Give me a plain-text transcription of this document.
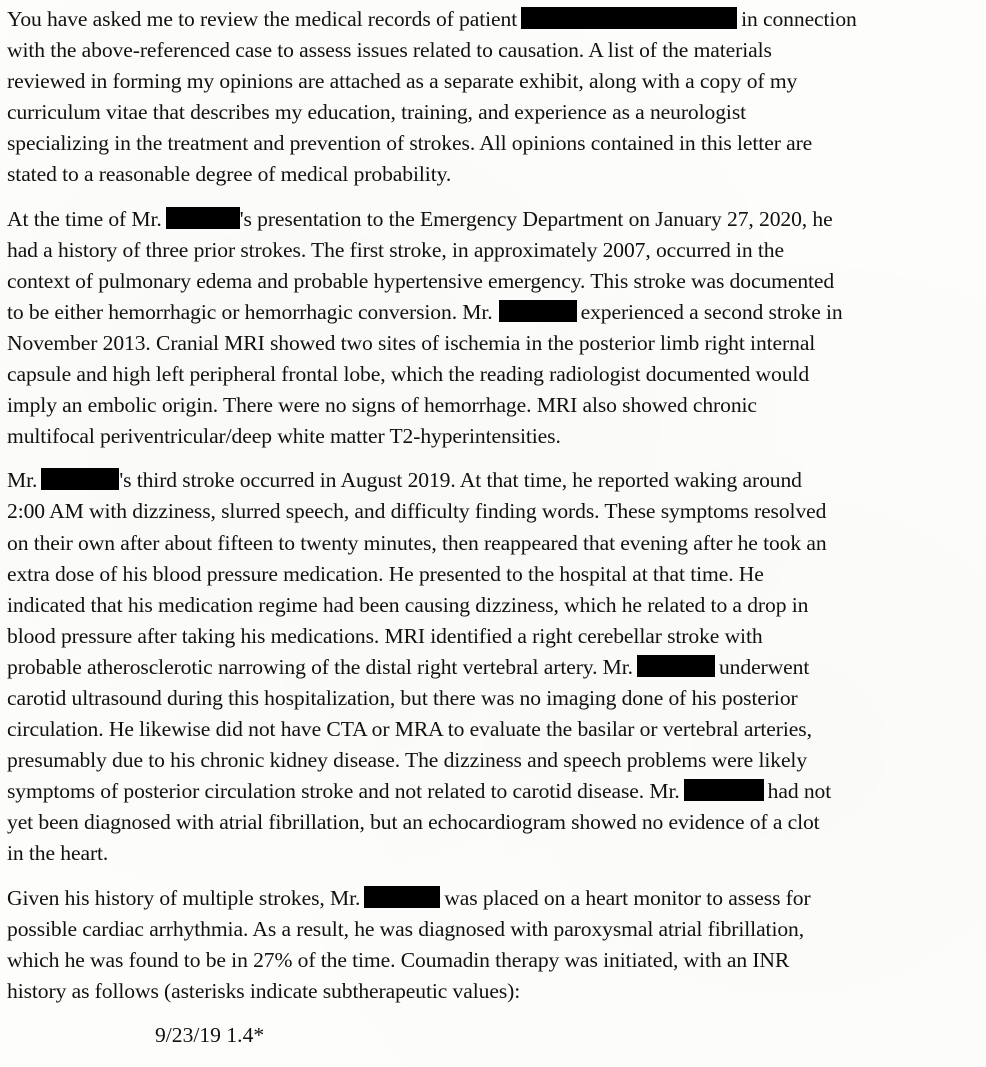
You have asked me to review the medical records of patient	in connection
with the above-referenced case to assess issues related to causation. A list of the materials
reviewed in forming my opinions are attached as a separate exhibit, along with a copy of my
curriculum vitae that describes my education, training, and experience as a neurologist
specializing in the treatment and prevention of strokes. All opinions contained in this letter are
stated to a reasonable degree of medical probability.

At the time of Mr.	's presentation to the Emergency Department on January 27, 2020, he
had a history of three prior strokes. The first stroke, in approximately 2007, occurred in the
context of pulmonary edema and probable hypertensive emergency. This stroke was documented
to be either hemorrhagic or hemorrhagic conversion. Mr.	experienced a second stroke in
November 2013. Cranial MRI showed two sites of ischemia in the posterior limb right internal
capsule and high left peripheral frontal lobe, which the reading radiologist documented would
imply an embolic origin. There were no signs of hemorrhage. MRI also showed chronic
multifocal periventricular/deep white matter T2-hyperintensities.

Mr.	's third stroke occurred in August 2019. At that time, he reported waking around
2:00 AM with dizziness, slurred speech, and difficulty finding words. These symptoms resolved
on their own after about fifteen to twenty minutes, then reappeared that evening after he took an
extra dose of his blood pressure medication. He presented to the hospital at that time. He
indicated that his medication regime had been causing dizziness, which he related to a drop in
blood pressure after taking his medications. MRI identified a right cerebellar stroke with
probable atherosclerotic narrowing of the distal right vertebral artery. Mr.	underwent
carotid ultrasound during this hospitalization, but there was no imaging done of his posterior
circulation. He likewise did not have CTA or MRA to evaluate the basilar or vertebral arteries,
presumably due to his chronic kidney disease. The dizziness and speech problems were likely
symptoms of posterior circulation stroke and not related to carotid disease. Mr.	had not
yet been diagnosed with atrial fibrillation, but an echocardiogram showed no evidence of a clot
in the heart.

Given his history of multiple strokes, Mr.	was placed on a heart monitor to assess for
possible cardiac arrhythmia. As a result, he was diagnosed with paroxysmal atrial fibrillation,
which he was found to be in 27% of the time. Coumadin therapy was initiated, with an INR
history as follows (asterisks indicate subtherapeutic values):

9/23/19 1.4*
